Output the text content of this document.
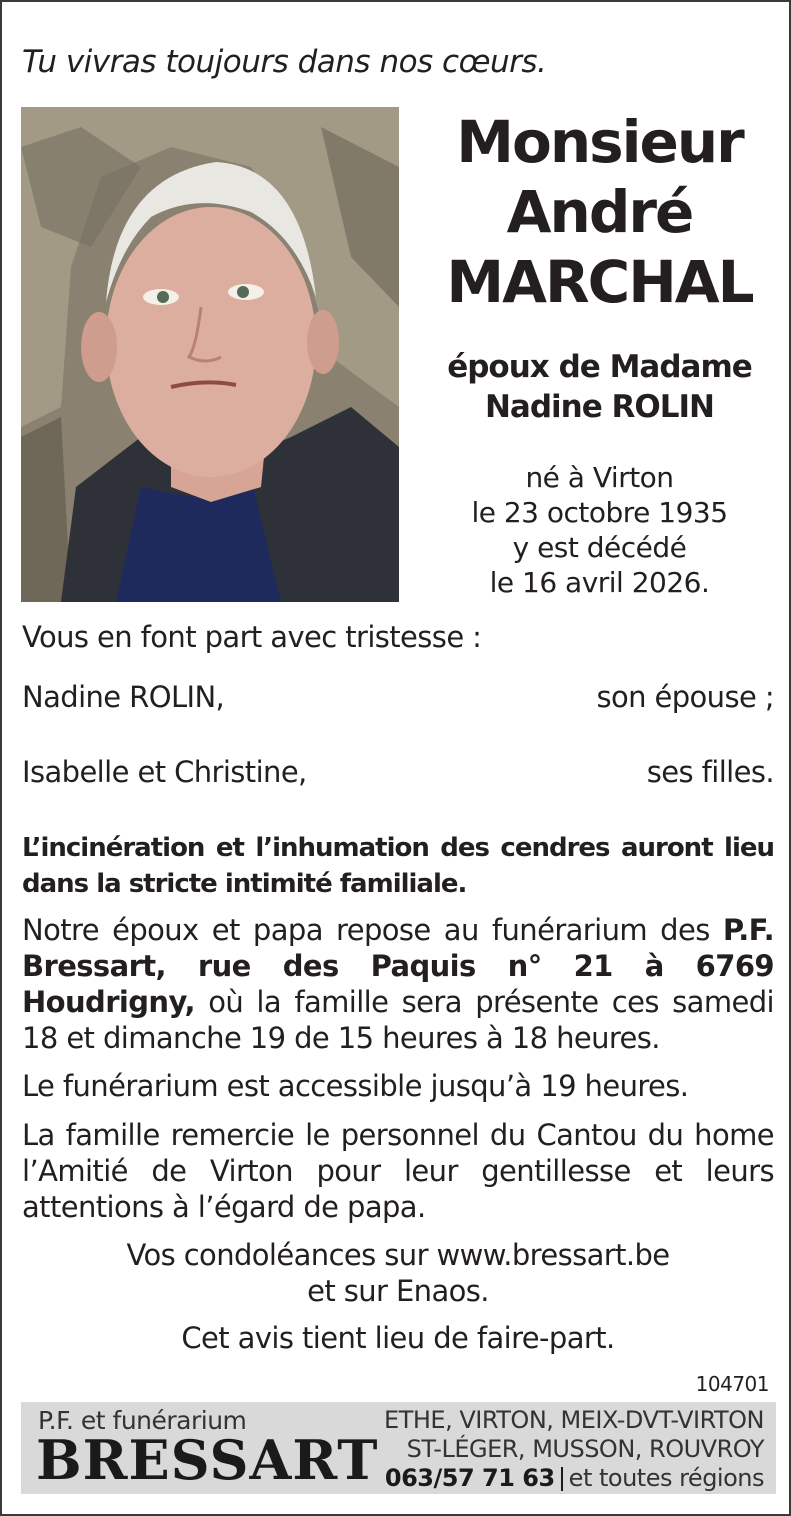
Tu vivras toujours dans nos cœurs.
Monsieur
André
MARCHAL
époux de Madame
Nadine ROLIN
né à Virton
le 23 octobre 1935
y est décédé
le 16 avril 2026.
Vous en font part avec tristesse :
Nadine ROLIN,	son épouse ;
Isabelle et Christine,	ses filles.
L’incinération et l’inhumation des cendres auront lieu dans la stricte intimité familiale.
Notre époux et papa repose au funérarium des P.F. Bressart, rue des Paquis n° 21 à 6769 Houdrigny, où la famille sera présente ces samedi 18 et dimanche 19 de 15 heures à 18 heures.
Le funérarium est accessible jusqu’à 19 heures.
La famille remercie le personnel du Cantou du home l’Amitié de Virton pour leur gentillesse et leurs attentions à l’égard de papa.
Vos condoléances sur www.bressart.be
et sur Enaos.
Cet avis tient lieu de faire-part.
104701
P.F. et funérarium
BRESSART
ETHE, VIRTON, MEIX-DVT-VIRTON
ST-LÉGER, MUSSON, ROUVROY
063/57 71 63 et toutes régions
